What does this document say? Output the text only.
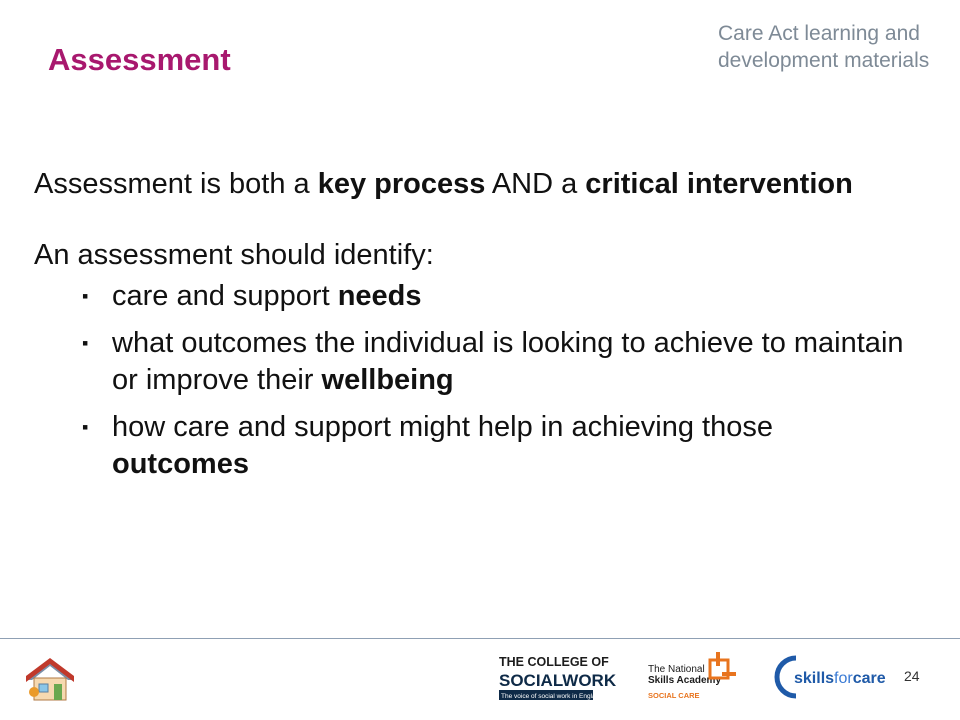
Assessment
Care Act learning and
development materials

Assessment is both a key process AND a critical intervention

An assessment should identify:

▪ care and support needs
▪ what outcomes the individual is looking to achieve to maintain or improve their wellbeing
▪ how care and support might help in achieving those outcomes
THE COLLEGE OF
SOCIALWORK
The voice of social work in England
The National
Skills Academy
SOCIAL CARE
skillsforcare 24
